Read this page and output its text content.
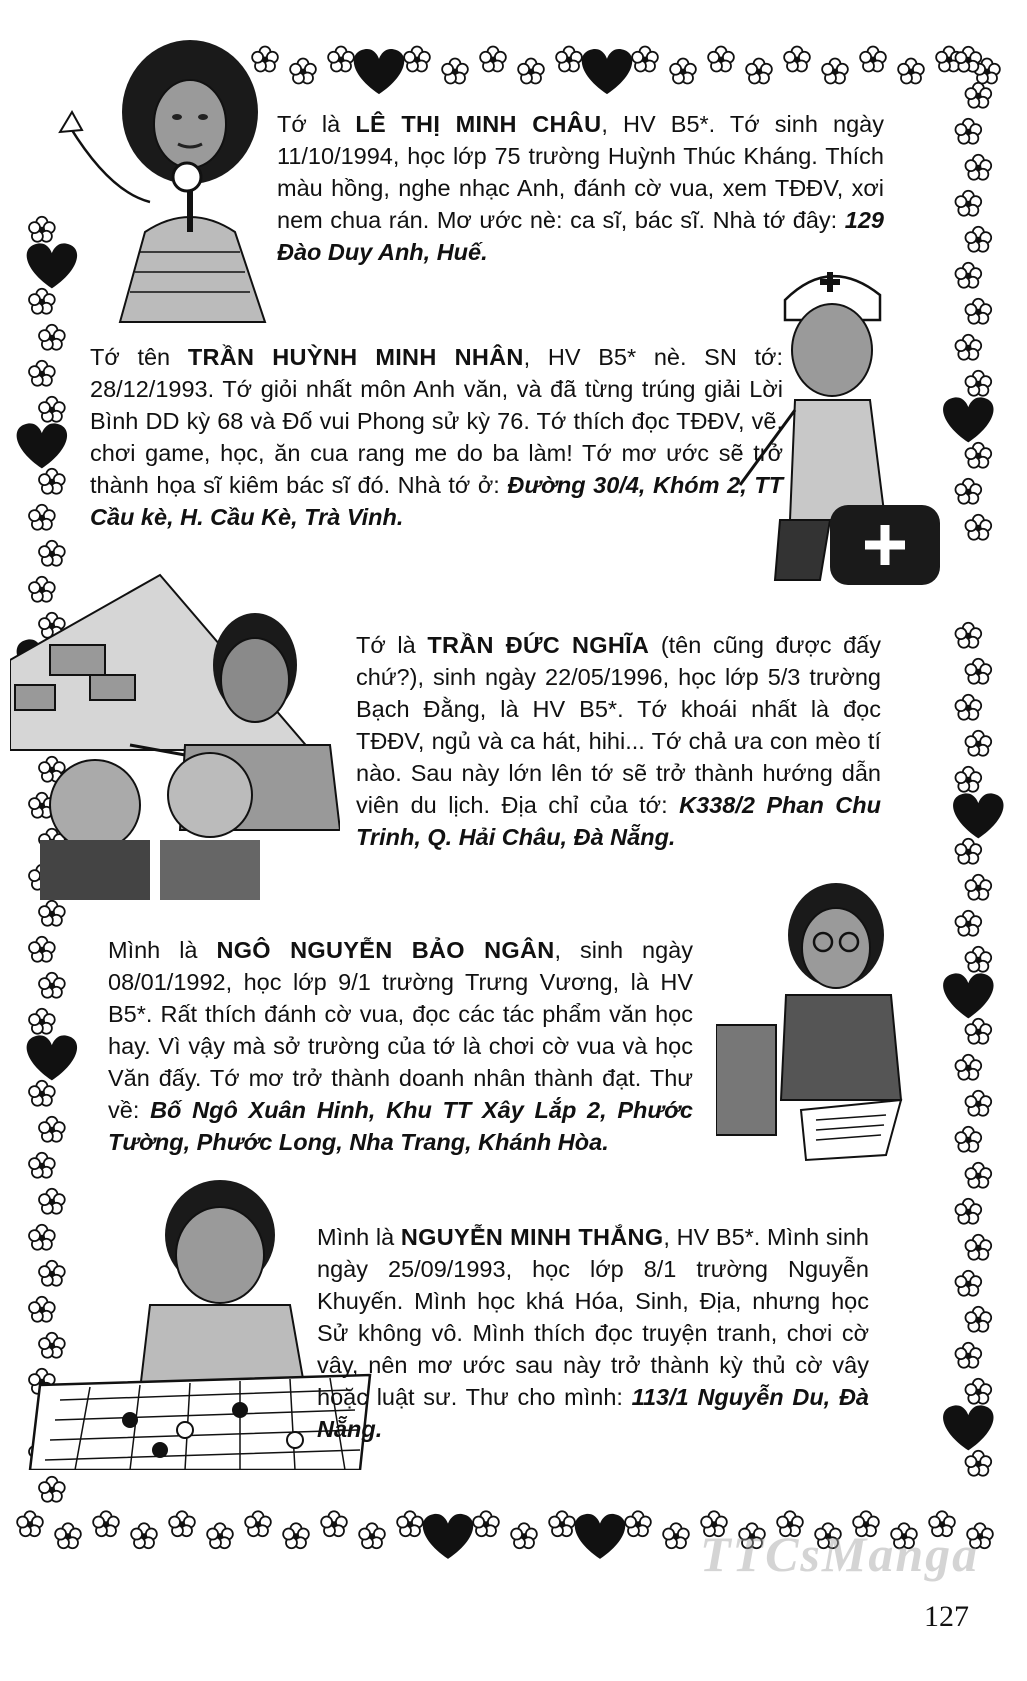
Tớ là LÊ THỊ MINH CHÂU, HV B5*. Tớ sinh ngày 11/10/1994, học lớp 75 trường Huỳnh Thúc Kháng. Thích màu hồng, nghe nhạc Anh, đánh cờ vua, xem TĐĐV, xơi nem chua rán. Mơ ước nè: ca sĩ, bác sĩ. Nhà tớ đây: 129 Đào Duy Anh, Huế.
Tớ tên TRẦN HUỲNH MINH NHÂN, HV B5* nè. SN tớ: 28/12/1993. Tớ giỏi nhất môn Anh văn, và đã từng trúng giải Lời Bình DD kỳ 68 và Đố vui Phong sử kỳ 76. Tớ thích đọc TĐĐV, vẽ, chơi game, học, ăn cua rang me do ba làm! Tớ mơ ước sẽ trở thành họa sĩ kiêm bác sĩ đó. Nhà tớ ở: Đường 30/4, Khóm 2, TT Cầu kè, H. Cầu Kè, Trà Vinh.
Tớ là TRẦN ĐỨC NGHĨA (tên cũng được đấy chứ?), sinh ngày 22/05/1996, học lớp 5/3 trường Bạch Đằng, là HV B5*. Tớ khoái nhất là đọc TĐĐV, ngủ và ca hát, hihi... Tớ chả ưa con mèo tí nào. Sau này lớn lên tớ sẽ trở thành hướng dẫn viên du lịch. Địa chỉ của tớ: K338/2 Phan Chu Trinh, Q. Hải Châu, Đà Nẵng.
Mình là NGÔ NGUYỄN BẢO NGÂN, sinh ngày 08/01/1992, học lớp 9/1 trường Trưng Vương, là HV B5*. Rất thích đánh cờ vua, đọc các tác phẩm văn học hay. Vì vậy mà sở trường của tớ là chơi cờ vua và học Văn đấy. Tớ mơ trở thành doanh nhân thành đạt. Thư về: Bố Ngô Xuân Hinh, Khu TT Xây Lắp 2, Phước Tường, Phước Long, Nha Trang, Khánh Hòa.
Mình là NGUYỄN MINH THẮNG, HV B5*. Mình sinh ngày 25/09/1993, học lớp 8/1 trường Nguyễn Khuyến. Mình học khá Hóa, Sinh, Địa, nhưng học Sử không vô. Mình thích đọc truyện tranh, chơi cờ vây, nên mơ ước sau này trở thành kỳ thủ cờ vây hoặc luật sư. Thư cho mình: 113/1 Nguyễn Du, Đà Nẵng.
TTCsManga
127
